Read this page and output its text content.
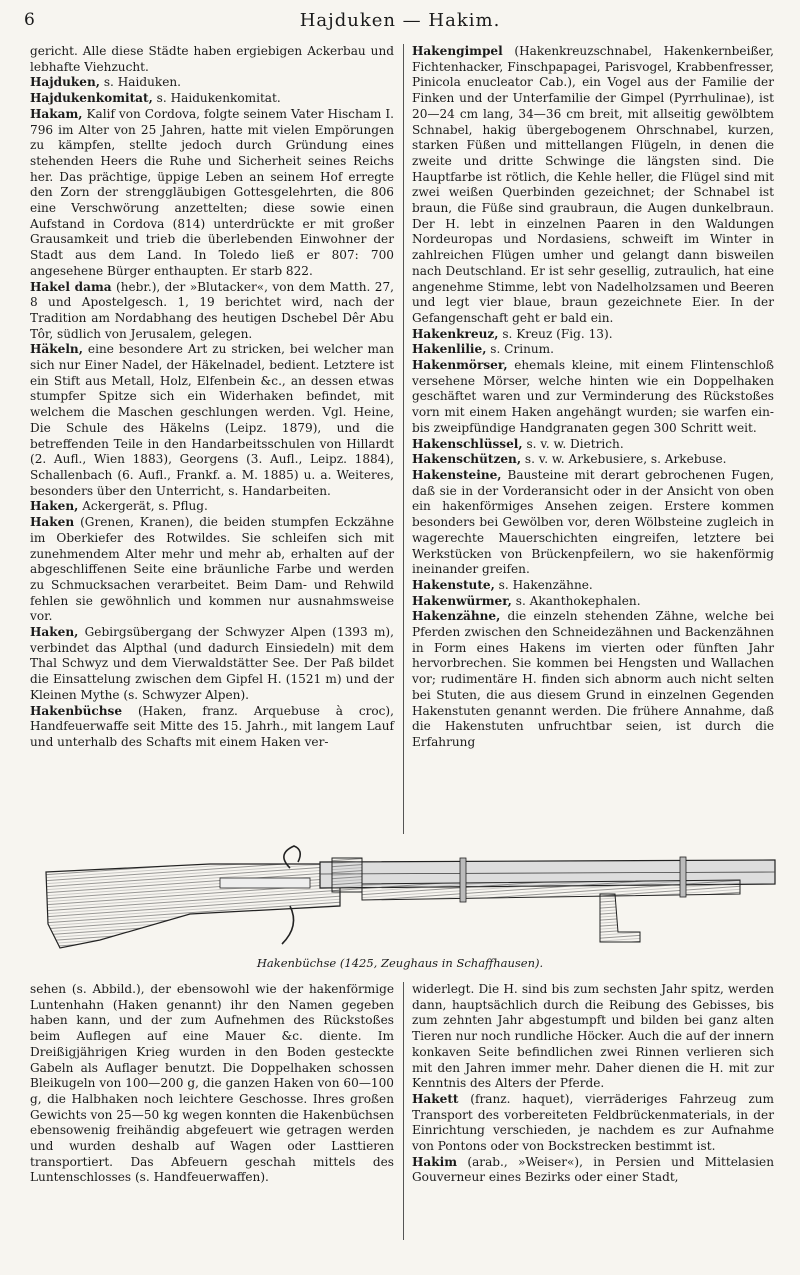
6	Hajduken — Hakim.

gericht. Alle diese Städte haben ergiebigen Ackerbau und lebhafte Viehzucht.

Hajduken, s. Haiduken.

Hajdukenkomitat, s. Haidukenkomitat.

Hakam, Kalif von Cordova, folgte seinem Vater Hischam I. 796 im Alter von 25 Jahren, hatte mit vielen Empörungen zu kämpfen, stellte jedoch durch Gründung eines stehenden Heers die Ruhe und Sicherheit seines Reichs her. Das prächtige, üppige Leben an seinem Hof erregte den Zorn der strenggläubigen Gottesgelehrten, die 806 eine Verschwörung anzettelten; diese sowie einen Aufstand in Cordova (814) unterdrückte er mit großer Grausamkeit und trieb die überlebenden Einwohner der Stadt aus dem Land. In Toledo ließ er 807: 700 angesehene Bürger enthaupten. Er starb 822.

Hakel dama (hebr.), der »Blutacker«, von dem Matth. 27, 8 und Apostelgesch. 1, 19 berichtet wird, nach der Tradition am Nordabhang des heutigen Dschebel Dêr Abu Tôr, südlich von Jerusalem, gelegen.

Häkeln, eine besondere Art zu stricken, bei welcher man sich nur Einer Nadel, der Häkelnadel, bedient. Letztere ist ein Stift aus Metall, Holz, Elfenbein &c., an dessen etwas stumpfer Spitze sich ein Widerhaken befindet, mit welchem die Maschen geschlungen werden. Vgl. Heine, Die Schule des Häkelns (Leipz. 1879), und die betreffenden Teile in den Handarbeitsschulen von Hillardt (2. Aufl., Wien 1883), Georgens (3. Aufl., Leipz. 1884), Schallenbach (6. Aufl., Frankf. a. M. 1885) u. a. Weiteres, besonders über den Unterricht, s. Handarbeiten.

Haken, Ackergerät, s. Pflug.

Haken (Grenen, Kranen), die beiden stumpfen Eckzähne im Oberkiefer des Rotwildes. Sie schleifen sich mit zunehmendem Alter mehr und mehr ab, erhalten auf der abgeschliffenen Seite eine bräunliche Farbe und werden zu Schmucksachen verarbeitet. Beim Dam- und Rehwild fehlen sie gewöhnlich und kommen nur ausnahmsweise vor.

Haken, Gebirgsübergang der Schwyzer Alpen (1393 m), verbindet das Alpthal (und dadurch Einsiedeln) mit dem Thal Schwyz und dem Vierwaldstätter See. Der Paß bildet die Einsattelung zwischen dem Gipfel H. (1521 m) und der Kleinen Mythe (s. Schwyzer Alpen).

Hakenbüchse (Haken, franz. Arquebuse à croc), Handfeuerwaffe seit Mitte des 15. Jahrh., mit langem Lauf und unterhalb des Schafts mit einem Haken ver-

Hakengimpel (Hakenkreuzschnabel, Hakenkernbeißer, Fichtenhacker, Finschpapagei, Parisvogel, Krabbenfresser, Pinicola enucleator Cab.), ein Vogel aus der Familie der Finken und der Unterfamilie der Gimpel (Pyrrhulinae), ist 20—24 cm lang, 34—36 cm breit, mit allseitig gewölbtem Schnabel, hakig übergebogenem Ohrschnabel, kurzen, starken Füßen und mittellangen Flügeln, in denen die zweite und dritte Schwinge die längsten sind. Die Hauptfarbe ist rötlich, die Kehle heller, die Flügel sind mit zwei weißen Querbinden gezeichnet; der Schnabel ist braun, die Füße sind graubraun, die Augen dunkelbraun. Der H. lebt in einzelnen Paaren in den Waldungen Nordeuropas und Nordasiens, schweift im Winter in zahlreichen Flügen umher und gelangt dann bisweilen nach Deutschland. Er ist sehr gesellig, zutraulich, hat eine angenehme Stimme, lebt von Nadelholzsamen und Beeren und legt vier blaue, braun gezeichnete Eier. In der Gefangenschaft geht er bald ein.

Hakenkreuz, s. Kreuz (Fig. 13).

Hakenlilie, s. Crinum.

Hakenmörser, ehemals kleine, mit einem Flintenschloß versehene Mörser, welche hinten wie ein Doppelhaken geschäftet waren und zur Verminderung des Rückstoßes vorn mit einem Haken angehängt wurden; sie warfen ein- bis zweipfündige Handgranaten gegen 300 Schritt weit.

Hakenschlüssel, s. v. w. Dietrich.

Hakenschützen, s. v. w. Arkebusiere, s. Arkebuse.

Hakensteine, Bausteine mit derart gebrochenen Fugen, daß sie in der Vorderansicht oder in der Ansicht von oben ein hakenförmiges Ansehen zeigen. Erstere kommen besonders bei Gewölben vor, deren Wölbsteine zugleich in wagerechte Mauerschichten eingreifen, letztere bei Werkstücken von Brückenpfeilern, wo sie hakenförmig ineinander greifen.

Hakenstute, s. Hakenzähne.

Hakenwürmer, s. Akanthokephalen.

Hakenzähne, die einzeln stehenden Zähne, welche bei Pferden zwischen den Schneidezähnen und Backenzähnen in Form eines Hakens im vierten oder fünften Jahr hervorbrechen. Sie kommen bei Hengsten und Wallachen vor; rudimentäre H. finden sich abnorm auch nicht selten bei Stuten, die aus diesem Grund in einzelnen Gegenden Hakenstuten genannt werden. Die frühere Annahme, daß die Hakenstuten unfruchtbar seien, ist durch die Erfahrung

Hakenbüchse (1425, Zeughaus in Schaffhausen).

sehen (s. Abbild.), der ebensowohl wie der hakenförmige Luntenhahn (Haken genannt) ihr den Namen gegeben haben kann, und der zum Aufnehmen des Rückstoßes beim Auflegen auf eine Mauer &c. diente. Im Dreißigjährigen Krieg wurden in den Boden gesteckte Gabeln als Auflager benutzt. Die Doppelhaken schossen Bleikugeln von 100—200 g, die ganzen Haken von 60—100 g, die Halbhaken noch leichtere Geschosse. Ihres großen Gewichts von 25—50 kg wegen konnten die Hakenbüchsen ebensowenig freihändig abgefeuert wie getragen werden und wurden deshalb auf Wagen oder Lasttieren transportiert. Das Abfeuern geschah mittels des Luntenschlosses (s. Handfeuerwaffen).

widerlegt. Die H. sind bis zum sechsten Jahr spitz, werden dann, hauptsächlich durch die Reibung des Gebisses, bis zum zehnten Jahr abgestumpft und bilden bei ganz alten Tieren nur noch rundliche Höcker. Auch die auf der innern konkaven Seite befindlichen zwei Rinnen verlieren sich mit den Jahren immer mehr. Daher dienen die H. mit zur Kenntnis des Alters der Pferde.

Hakett (franz. haquet), vierräderiges Fahrzeug zum Transport des vorbereiteten Feldbrückenmaterials, in der Einrichtung verschieden, je nachdem es zur Aufnahme von Pontons oder von Bockstrecken bestimmt ist.

Hakim (arab., »Weiser«), in Persien und Mittelasien Gouverneur eines Bezirks oder einer Stadt,
